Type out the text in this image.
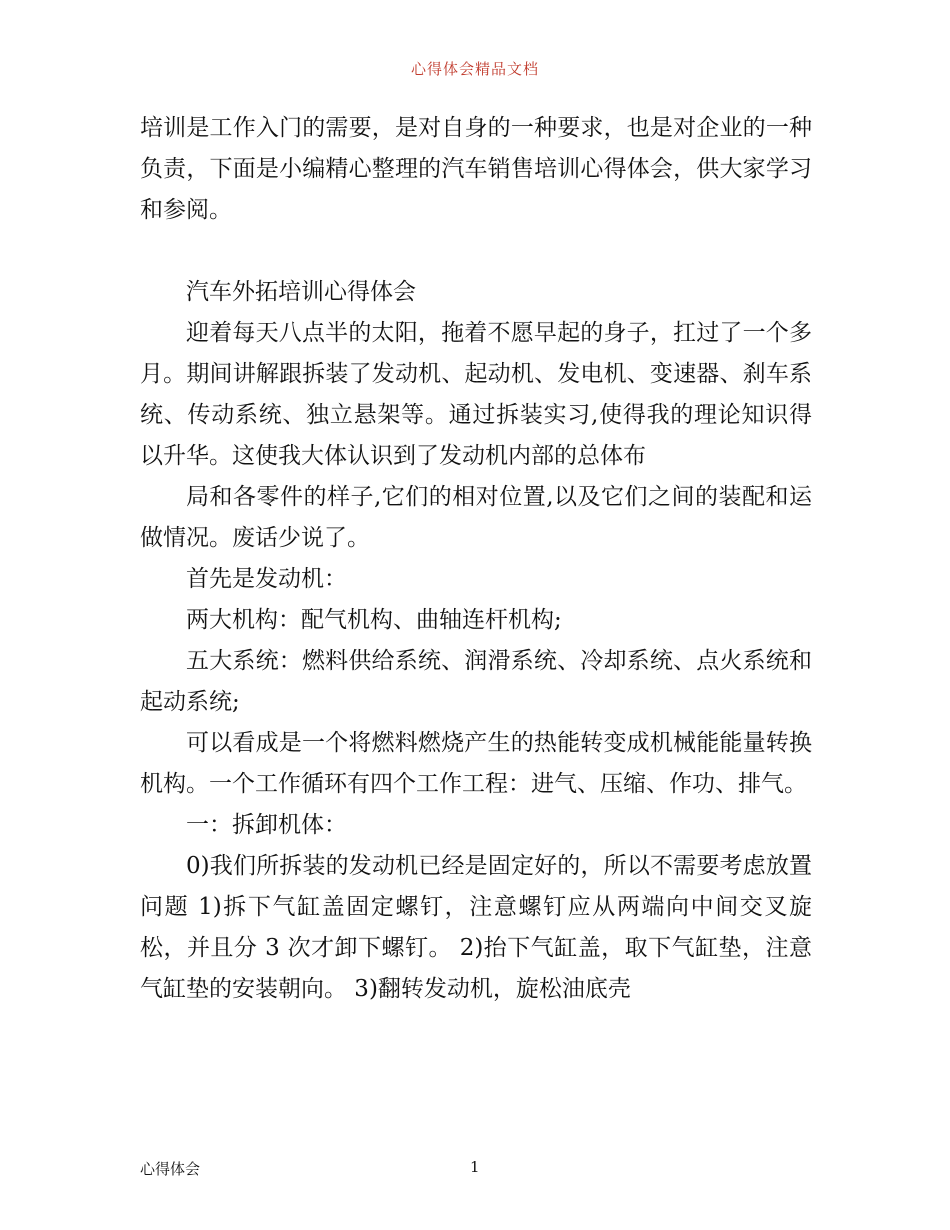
心得体会精品文档

培训是工作入门的需要，是对自身的一种要求，也是对企业的一种负责，下面是小编精心整理的汽车销售培训心得体会，供大家学习和参阅。

汽车外拓培训心得体会

迎着每天八点半的太阳，拖着不愿早起的身子，扛过了一个多月。期间讲解跟拆装了发动机、起动机、发电机、变速器、刹车系统、传动系统、独立悬架等。通过拆装实习,使得我的理论知识得以升华。这使我大体认识到了发动机内部的总体布

局和各零件的样子,它们的相对位置,以及它们之间的装配和运做情况。废话少说了。

首先是发动机：

两大机构：配气机构、曲轴连杆机构;

五大系统：燃料供给系统、润滑系统、冷却系统、点火系统和起动系统;

可以看成是一个将燃料燃烧产生的热能转变成机械能能量转换机构。一个工作循环有四个工作工程：进气、压缩、作功、排气。

一：拆卸机体：

0)我们所拆装的发动机已经是固定好的，所以不需要考虑放置问题 1)拆下气缸盖固定螺钉，注意螺钉应从两端向中间交叉旋松，并且分 3 次才卸下螺钉。 2)抬下气缸盖，取下气缸垫，注意气缸垫的安装朝向。 3)翻转发动机，旋松油底壳

心得体会	1
